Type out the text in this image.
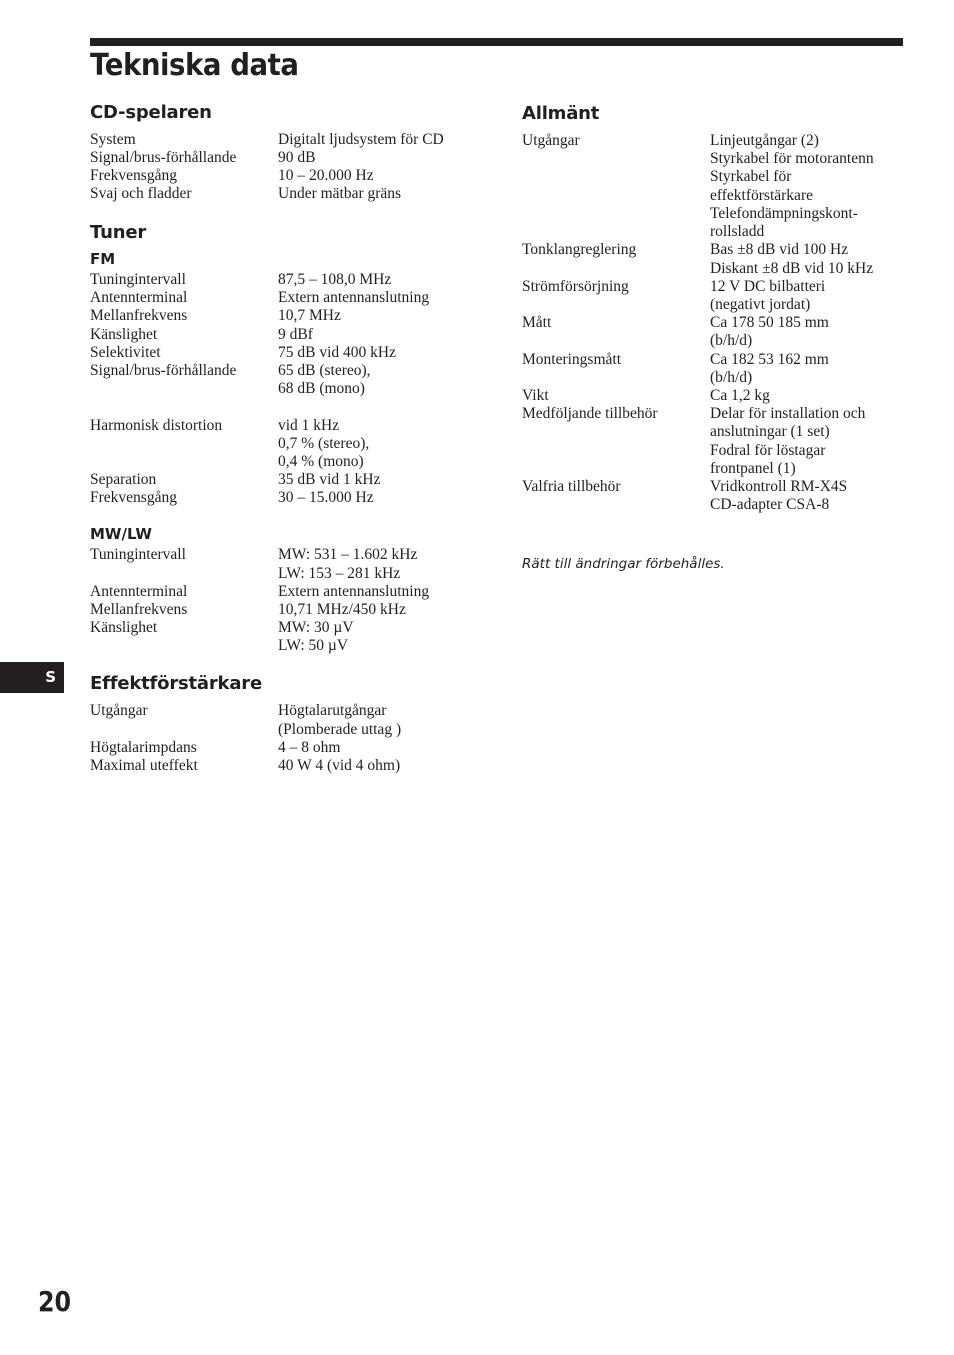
Tekniska data
CD-spelaren
System	Digitalt ljudsystem för CD
Signal/brus-förhållande	90 dB
Frekvensgång	10 – 20.000 Hz
Svaj och fladder	Under mätbar gräns
Tuner
FM
Tuningintervall	87,5 – 108,0 MHz
Antennterminal	Extern antennanslutning
Mellanfrekvens	10,7 MHz
Känslighet	9 dBf
Selektivitet	75 dB vid 400 kHz
Signal/brus-förhållande	65 dB (stereo),
68 dB (mono)
Harmonisk distortion	vid 1 kHz
0,7 % (stereo),
0,4 % (mono)
Separation	35 dB vid 1 kHz
Frekvensgång	30 – 15.000 Hz
MW/LW
Tuningintervall	MW: 531 – 1.602 kHz
LW: 153 – 281 kHz
Antennterminal	Extern antennanslutning
Mellanfrekvens	10,71 MHz/450 kHz
Känslighet	MW: 30 µV
LW: 50 µV
Effektförstärkare
Utgångar	Högtalarutgångar
(Plomberade uttag )
Högtalarimpdans	4 – 8 ohm
Maximal uteffekt	40 W 4 (vid 4 ohm)
Allmänt
Utgångar	Linjeutgångar (2)
Styrkabel för motorantenn
Styrkabel för
effektförstärkare
Telefondämpningskont-
rollsladd
Tonklangreglering	Bas ±8 dB vid 100 Hz
Diskant ±8 dB vid 10 kHz
Strömförsörjning	12 V DC bilbatteri
(negativt jordat)
Mått	Ca 178 50 185 mm
(b/h/d)
Monteringsmått	Ca 182 53 162 mm
(b/h/d)
Vikt	Ca 1,2 kg
Medföljande tillbehör	Delar för installation och
anslutningar (1 set)
Fodral för löstagar
frontpanel (1)
Valfria tillbehör	Vridkontroll RM-X4S
CD-adapter CSA-8
Rätt till ändringar förbehålles.
S
20
